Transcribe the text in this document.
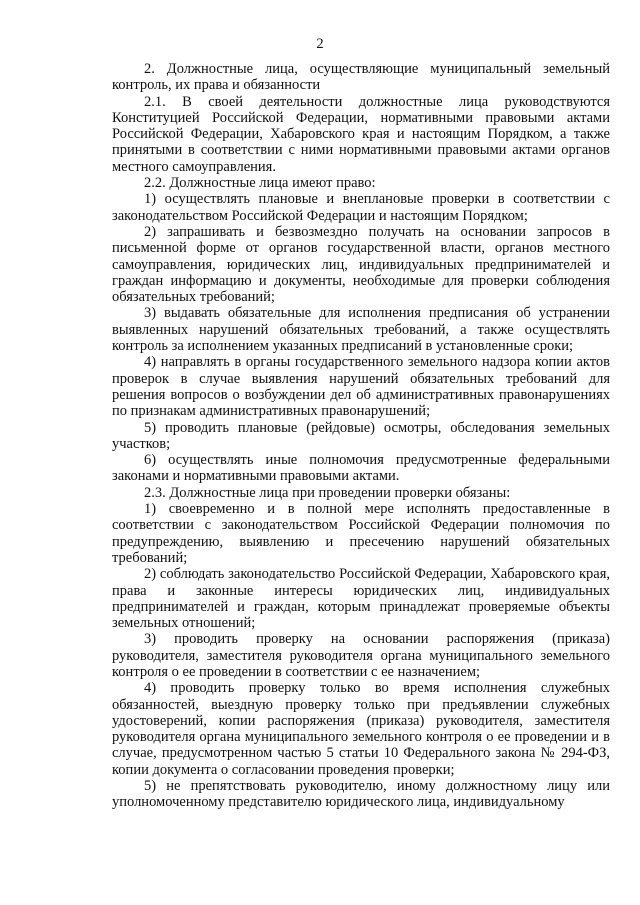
2

2. Должностные лица, осуществляющие муниципальный земельный контроль, их права и обязанности

2.1. В своей деятельности должностные лица руководствуются Конституцией Российской Федерации, нормативными правовыми актами Российской Федерации, Хабаровского края и настоящим Порядком, а также принятыми в соответствии с ними нормативными правовыми актами органов местного самоуправления.

2.2. Должностные лица имеют право:

1) осуществлять плановые и внеплановые проверки в соответствии с законодательством Российской Федерации и настоящим Порядком;

2) запрашивать и безвозмездно получать на основании запросов в письменной форме от органов государственной власти, органов местного самоуправления, юридических лиц, индивидуальных предпринимателей и граждан информацию и документы, необходимые для проверки соблюдения обязательных требований;

3) выдавать обязательные для исполнения предписания об устранении выявленных нарушений обязательных требований, а также осуществлять контроль за исполнением указанных предписаний в установленные сроки;

4) направлять в органы государственного земельного надзора копии актов проверок в случае выявления нарушений обязательных требований для решения вопросов о возбуждении дел об административных правонарушениях по признакам административных правонарушений;

5) проводить плановые (рейдовые) осмотры, обследования земельных участков;

6) осуществлять иные полномочия предусмотренные федеральными законами и нормативными правовыми актами.

2.3. Должностные лица при проведении проверки обязаны:

1) своевременно и в полной мере исполнять предоставленные в соответствии с законодательством Российской Федерации полномочия по предупреждению, выявлению и пресечению нарушений обязательных требований;

2) соблюдать законодательство Российской Федерации, Хабаровского края, права и законные интересы юридических лиц, индивидуальных предпринимателей и граждан, которым принадлежат проверяемые объекты земельных отношений;

3) проводить проверку на основании распоряжения (приказа) руководителя, заместителя руководителя органа муниципального земельного контроля о ее проведении в соответствии с ее назначением;

4) проводить проверку только во время исполнения служебных обязанностей, выездную проверку только при предъявлении служебных удостоверений, копии распоряжения (приказа) руководителя, заместителя руководителя органа муниципального земельного контроля о ее проведении и в случае, предусмотренном частью 5 статьи 10 Федерального закона № 294-ФЗ, копии документа о согласовании проведения проверки;

5) не препятствовать руководителю, иному должностному лицу или уполномоченному представителю юридического лица, индивидуальному
